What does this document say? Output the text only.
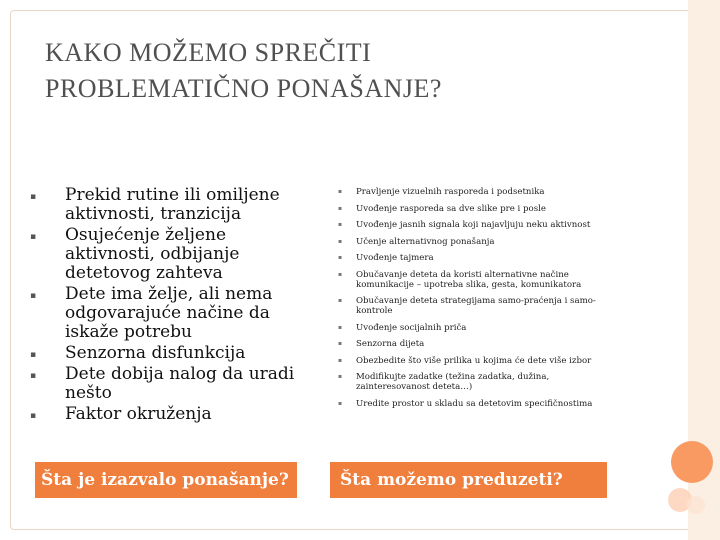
KAKO MOŽEMO SPREČITI
PROBLEMATIČNO PONAŠANJE?
▪ Prekid rutine ili omiljene aktivnosti, tranzicija
▪ Osujećenje željene aktivnosti, odbijanje detetovog zahteva
▪ Dete ima želje, ali nema odgovarajuće načine da iskaže potrebu
▪ Senzorna disfunkcija
▪ Dete dobija nalog da uradi nešto
▪ Faktor okruženja
▪ Pravljenje vizuelnih rasporeda i podsetnika
▪ Uvođenje rasporeda sa dve slike pre i posle
▪ Uvođenje jasnih signala koji najavljuju neku aktivnost
▪ Učenje alternativnog ponašanja
▪ Uvođenje tajmera
▪ Obučavanje deteta da koristi alternativne načine komunikacije – upotreba slika, gesta, komunikatora
▪ Obučavanje deteta strategijama samo-praćenja i samo-kontrole
▪ Uvođenje socijalnih priča
▪ Senzorna dijeta
▪ Obezbedite što više prilika u kojima će dete više izbor
▪ Modifikujte zadatke (težina zadatka, dužina, zainteresovanost deteta…)
▪ Uredite prostor u skladu sa detetovim specifičnostima
Šta je izazvalo ponašanje?	Šta možemo preduzeti?
